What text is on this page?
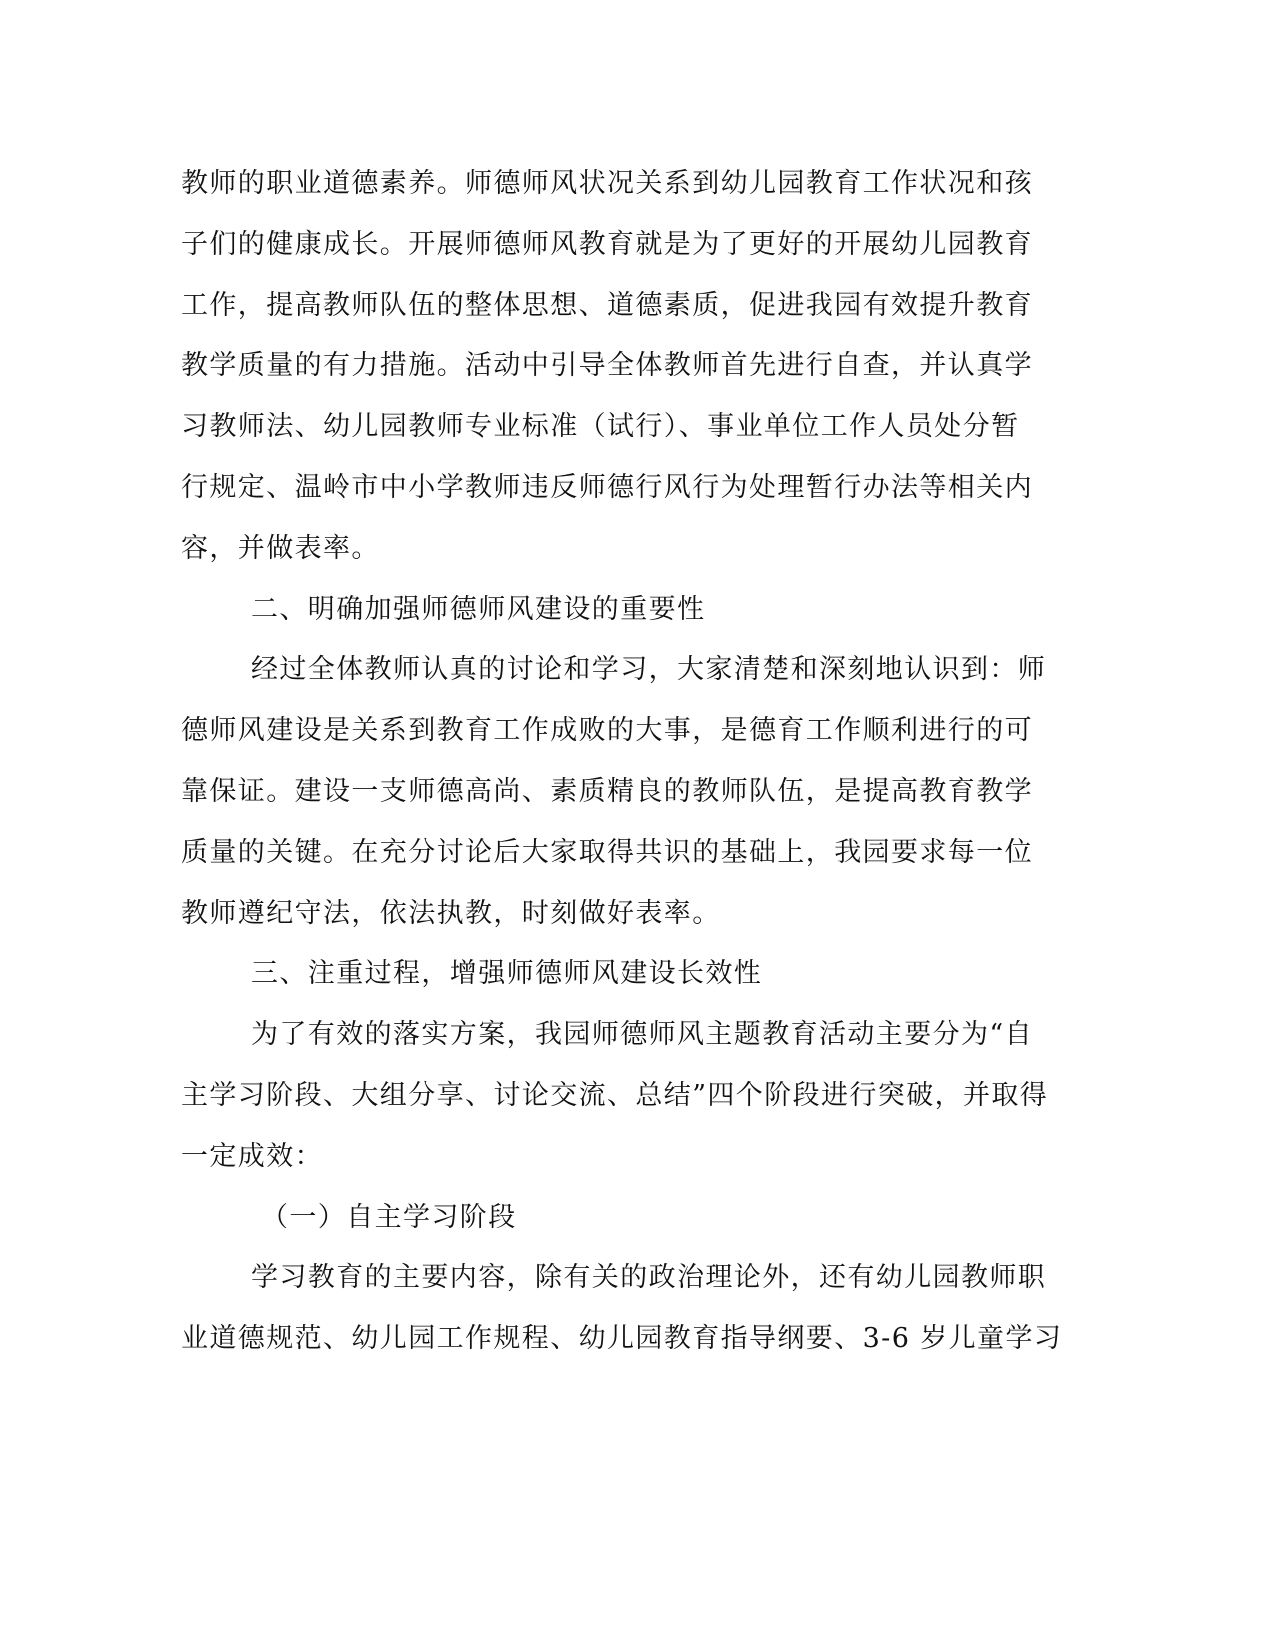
教师的职业道德素养。师德师风状况关系到幼儿园教育工作状况和孩
子们的健康成长。开展师德师风教育就是为了更好的开展幼儿园教育
工作，提高教师队伍的整体思想、道德素质，促进我园有效提升教育
教学质量的有力措施。活动中引导全体教师首先进行自查，并认真学
习教师法、幼儿园教师专业标准（试行）、事业单位工作人员处分暂
行规定、温岭市中小学教师违反师德行风行为处理暂行办法等相关内
容，并做表率。
二、明确加强师德师风建设的重要性
经过全体教师认真的讨论和学习，大家清楚和深刻地认识到：师
德师风建设是关系到教育工作成败的大事，是德育工作顺利进行的可
靠保证。建设一支师德高尚、素质精良的教师队伍，是提高教育教学
质量的关键。在充分讨论后大家取得共识的基础上，我园要求每一位
教师遵纪守法，依法执教，时刻做好表率。
三、注重过程，增强师德师风建设长效性
为了有效的落实方案，我园师德师风主题教育活动主要分为“自
主学习阶段、大组分享、讨论交流、总结”四个阶段进行突破，并取得
一定成效：
（一）自主学习阶段
学习教育的主要内容，除有关的政治理论外，还有幼儿园教师职
业道德规范、幼儿园工作规程、幼儿园教育指导纲要、3-6 岁儿童学习
